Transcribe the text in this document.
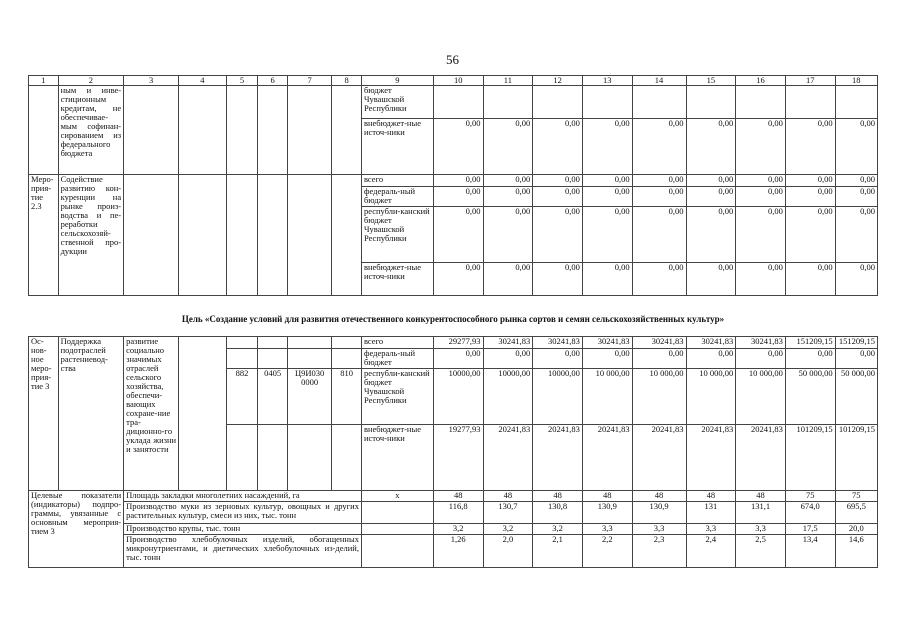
56
1	2	3	4	5	6	7	8	9	10	11	12	13	14	15	16	17	18
	ным и инве-стиционным кредитам, не обеспечивае-мым софинан-сированием из федерального бюджета							бюджет Чувашской Республики									
								внебюджет-ные источ-ники	0,00	0,00	0,00	0,00	0,00	0,00	0,00	0,00	0,00
Меро-прия-тие 2.3	Содействие развитию кон-куренции на рынке произ-водства и пе-реработки сельскохозяй-ственной про-дукции							всего	0,00	0,00	0,00	0,00	0,00	0,00	0,00	0,00	0,00
								федераль-ный бюджет	0,00	0,00	0,00	0,00	0,00	0,00	0,00	0,00	0,00
								республи-канский бюджет Чувашской Республики	0,00	0,00	0,00	0,00	0,00	0,00	0,00	0,00	0,00
								внебюджет-ные источ-ники	0,00	0,00	0,00	0,00	0,00	0,00	0,00	0,00	0,00
Цель «Создание условий для развития отечественного конкурентоспособного рынка сортов и семян сельскохозяйственных культур»
Ос-нов-ное меро-прия-тие 3	Поддержка подотраслей растениевод-ства	развитие социально значимых отраслей сельского хозяйства, обеспечи-вающих сохране-ние тра-диционно-го уклада жизни и занятости						всего	29277,93	30241,83	30241,83	30241,83	30241,83	30241,83	30241,83	151209,15	151209,15
								федераль-ный бюджет	0,00	0,00	0,00	0,00	0,00	0,00	0,00	0,00	0,00
				882	0405	Ц9И030 0000	810	республи-канский бюджет Чувашской Республики	10000,00	10000,00	10000,00	10 000,00	10 000,00	10 000,00	10 000,00	50 000,00	50 000,00
								внебюджет-ные источ-ники	19277,93	20241,83	20241,83	20241,83	20241,83	20241,83	20241,83	101209,15	101209,15
Целевые показатели (индикаторы) подпро-граммы, увязанные с основным мероприя-тием 3		Площадь закладки многолетних насаждений, га						х	48	48	48	48	48	48	48	75	75
		Производство муки из зерновых культур, овощных и других растительных культур, смеси из них, тыс. тонн							116,8	130,7	130,8	130,9	130,9	131	131,1	674,0	695,5
		Производство крупы, тыс. тонн							3,2	3,2	3,2	3,3	3,3	3,3	3,3	17,5	20,0
		Производство хлебобулочных изделий, обогащенных микронутриентами, и диетических хлебобулочных из-делий, тыс. тонн							1,26	2,0	2,1	2,2	2,3	2,4	2,5	13,4	14,6
